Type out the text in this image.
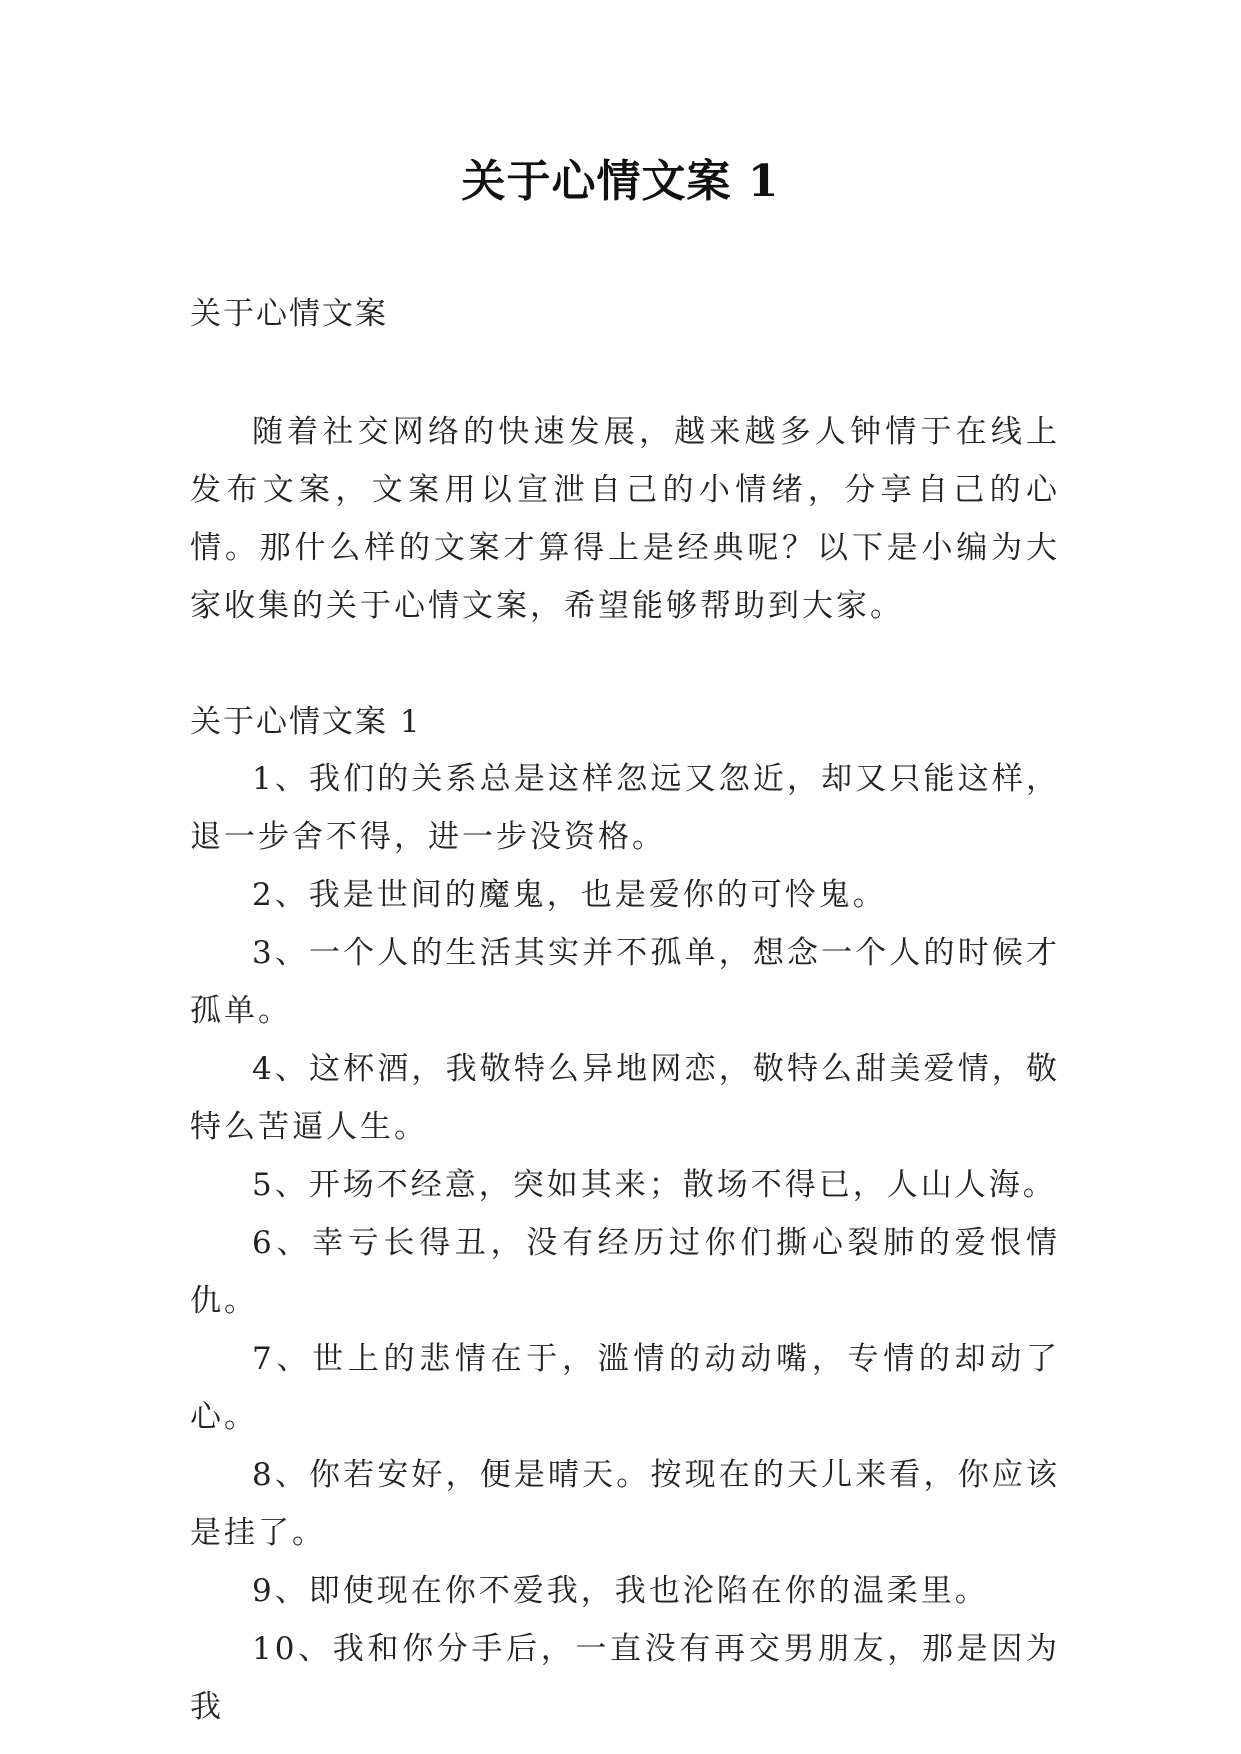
关于心情文案 1
关于心情文案

随着社交网络的快速发展，越来越多人钟情于在线上发布文案，文案用以宣泄自己的小情绪，分享自己的心情。那什么样的文案才算得上是经典呢？以下是小编为大家收集的关于心情文案，希望能够帮助到大家。

关于心情文案 1

1、我们的关系总是这样忽远又忽近，却又只能这样，退一步舍不得，进一步没资格。

2、我是世间的魔鬼，也是爱你的可怜鬼。

3、一个人的生活其实并不孤单，想念一个人的时候才孤单。

4、这杯酒，我敬特么异地网恋，敬特么甜美爱情，敬特么苦逼人生。

5、开场不经意，突如其来；散场不得已，人山人海。

6、幸亏长得丑，没有经历过你们撕心裂肺的爱恨情仇。

7、世上的悲情在于，滥情的动动嘴，专情的却动了心。

8、你若安好，便是晴天。按现在的天儿来看，你应该是挂了。

9、即使现在你不爱我，我也沦陷在你的温柔里。

10、我和你分手后，一直没有再交男朋友，那是因为我
